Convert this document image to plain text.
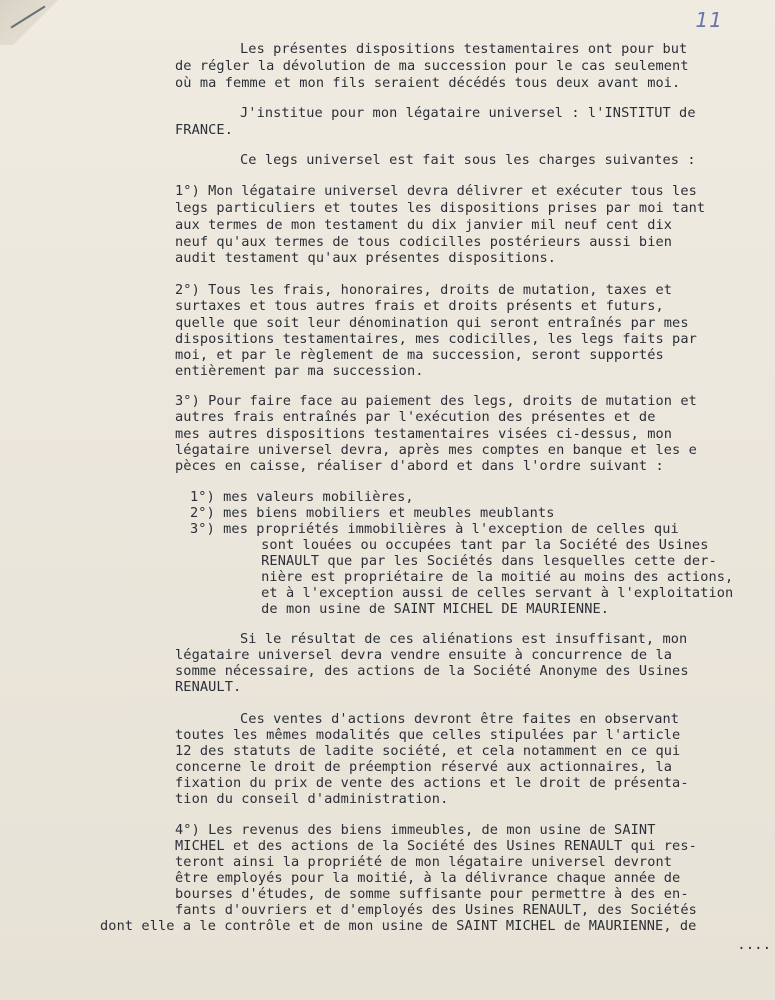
11
Les présentes dispositions testamentaires ont pour but
de régler la dévolution de ma succession pour le cas seulement
où ma femme et mon fils seraient décédés tous deux avant moi.
J'institue pour mon légataire universel : l'INSTITUT de
FRANCE.
Ce legs universel est fait sous les charges suivantes :
1°) Mon légataire universel devra délivrer et exécuter tous les
legs particuliers et toutes les dispositions prises par moi tant
aux termes de mon testament du dix janvier mil neuf cent dix
neuf qu'aux termes de tous codicilles postérieurs aussi bien
audit testament qu'aux présentes dispositions.
2°) Tous les frais, honoraires, droits de mutation, taxes et
surtaxes et tous autres frais et droits présents et futurs,
quelle que soit leur dénomination qui seront entraînés par mes
dispositions testamentaires, mes codicilles, les legs faits par
moi, et par le règlement de ma succession, seront supportés
entièrement par ma succession.
3°) Pour faire face au paiement des legs, droits de mutation et
autres frais entraînés par l'exécution des présentes et de
mes autres dispositions testamentaires visées ci-dessus, mon
légataire universel devra, après mes comptes en banque et les e
pèces en caisse, réaliser d'abord et dans l'ordre suivant :
1°) mes valeurs mobilières,
2°) mes biens mobiliers et meubles meublants
3°) mes propriétés immobilières à l'exception de celles qui
sont louées ou occupées tant par la Société des Usines
RENAULT que par les Sociétés dans lesquelles cette der-
nière est propriétaire de la moitié au moins des actions,
et à l'exception aussi de celles servant à l'exploitation
de mon usine de SAINT MICHEL DE MAURIENNE.
Si le résultat de ces aliénations est insuffisant, mon
légataire universel devra vendre ensuite à concurrence de la
somme nécessaire, des actions de la Société Anonyme des Usines
RENAULT.
Ces ventes d'actions devront être faites en observant
toutes les mêmes modalités que celles stipulées par l'article
12 des statuts de ladite société, et cela notamment en ce qui
concerne le droit de préemption réservé aux actionnaires, la
fixation du prix de vente des actions et le droit de présenta-
tion du conseil d'administration.
4°) Les revenus des biens immeubles, de mon usine de SAINT
MICHEL et des actions de la Société des Usines RENAULT qui res-
teront ainsi la propriété de mon légataire universel devront
être employés pour la moitié, à la délivrance chaque année de
bourses d'études, de somme suffisante pour permettre à des en-
fants d'ouvriers et d'employés des Usines RENAULT, des Sociétés
dont elle a le contrôle et de mon usine de SAINT MICHEL de MAURIENNE, de
....
